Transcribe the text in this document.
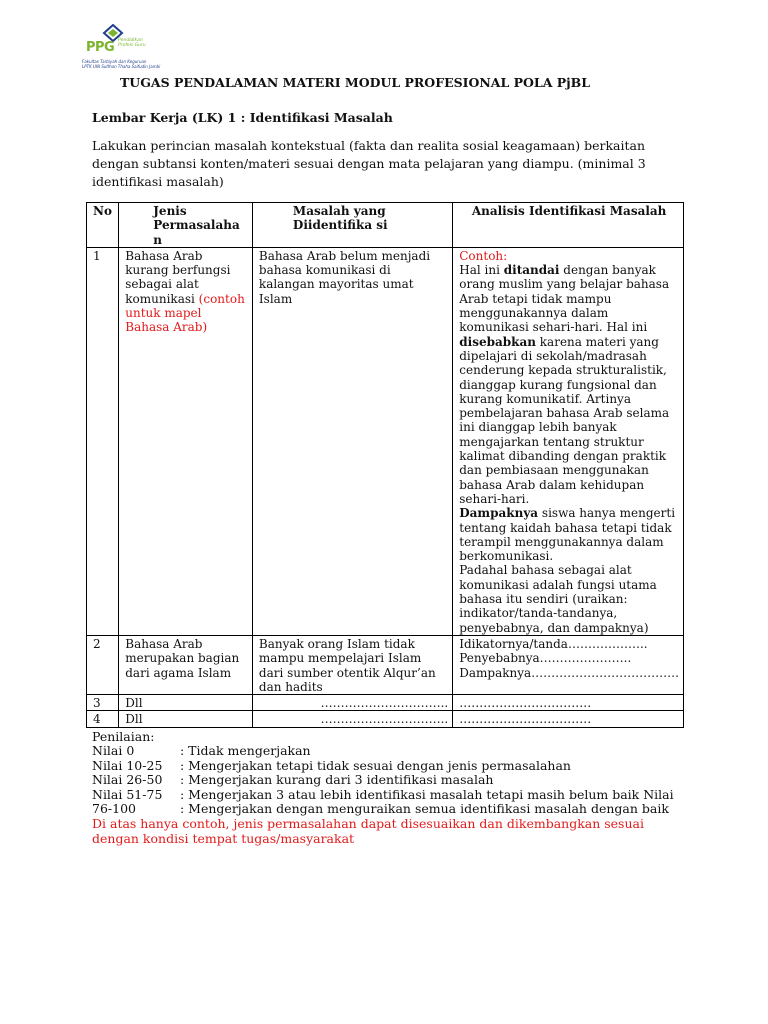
PPG Pendidikan Profesi Guru
Fakultas Tarbiyah dan Keguruan
LPTK UIN Sulthan Thaha Saifudin Jambi
TUGAS PENDALAMAN MATERI MODUL PROFESIONAL POLA PjBL
Lembar Kerja (LK) 1 : Identifikasi Masalah
Lakukan perincian masalah kontekstual (fakta dan realita sosial keagamaan) berkaitan dengan subtansi konten/materi sesuai dengan mata pelajaran yang diampu. (minimal 3 identifikasi masalah)
No	Jenis Permasalaha n	Masalah yang Diidentifika si	Analisis Identifikasi Masalah
1	Bahasa Arab kurang berfungsi sebagai alat komunikasi (contoh untuk mapel Bahasa Arab)	Bahasa Arab belum menjadi bahasa komunikasi di kalangan mayoritas umat Islam	Contoh:
Hal ini ditandai dengan banyak orang muslim yang belajar bahasa Arab tetapi tidak mampu menggunakannya dalam komunikasi sehari-hari. Hal ini disebabkan karena materi yang dipelajari di sekolah/madrasah cenderung kepada strukturalistik, dianggap kurang fungsional dan kurang komunikatif. Artinya pembelajaran bahasa Arab selama ini dianggap lebih banyak mengajarkan tentang struktur kalimat dibanding dengan praktik dan pembiasaan menggunakan bahasa Arab dalam kehidupan sehari-hari.
Dampaknya siswa hanya mengerti tentang kaidah bahasa tetapi tidak terampil menggunakannya dalam berkomunikasi.
Padahal bahasa sebagai alat komunikasi adalah fungsi utama bahasa itu sendiri (uraikan: indikator/tanda-tandanya, penyebabnya, dan dampaknya)

2	Bahasa Arab merupakan bagian dari agama Islam	Banyak orang Islam tidak mampu mempelajari Islam dari sumber otentik Alqur’an dan hadits	Idikatornya/tanda………………..
Penyebabnya…………………..
Dampaknya……………………………….

3	Dll	…………………………..	……………………………
4	Dll	…………………………..	……………………………
Penilaian:
Nilai 0	: Tidak mengerjakan
Nilai 10-25 : Mengerjakan tetapi tidak sesuai dengan jenis permasalahan
Nilai 26-50 : Mengerjakan kurang dari 3 identifikasi masalah
Nilai 51-75 : Mengerjakan 3 atau lebih identifikasi masalah tetapi masih belum baik Nilai
76-100	: Mengerjakan dengan menguraikan semua identifikasi masalah dengan baik
Di atas hanya contoh, jenis permasalahan dapat disesuaikan dan dikembangkan sesuai dengan kondisi tempat tugas/masyarakat
